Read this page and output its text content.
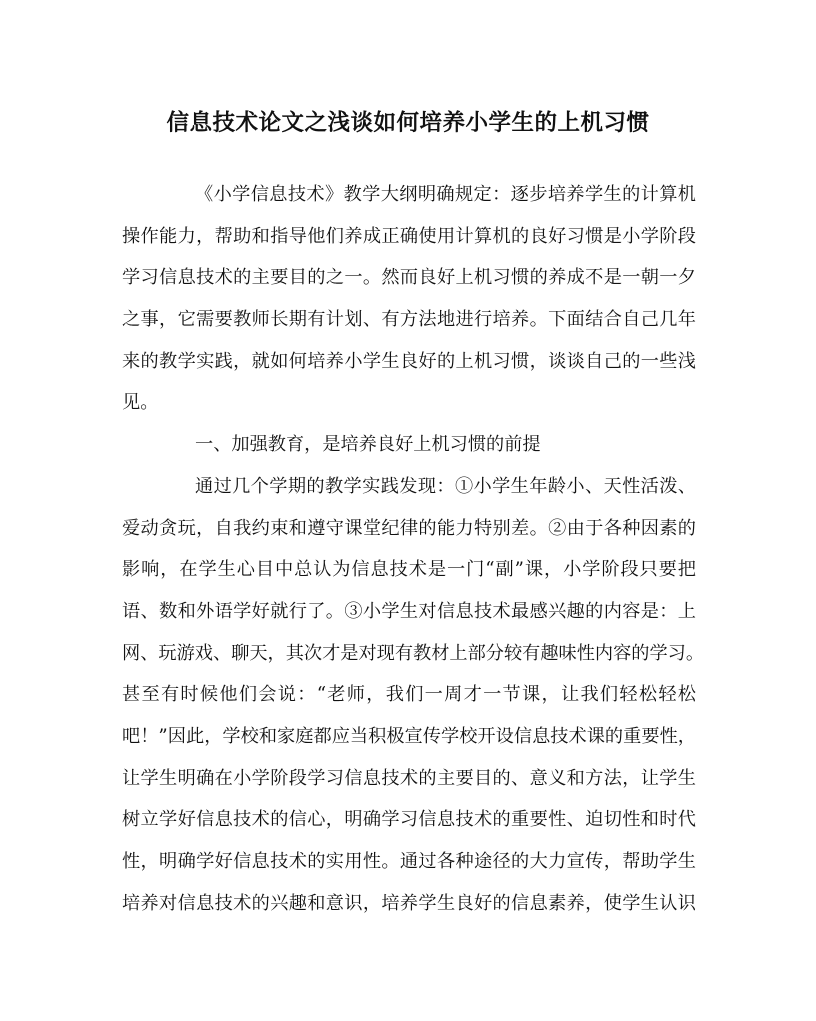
信息技术论文之浅谈如何培养小学生的上机习惯
《小学信息技术》教学大纲明确规定：逐步培养学生的计算机
操作能力，帮助和指导他们养成正确使用计算机的良好习惯是小学阶段
学习信息技术的主要目的之一。然而良好上机习惯的养成不是一朝一夕
之事，它需要教师长期有计划、有方法地进行培养。下面结合自己几年
来的教学实践，就如何培养小学生良好的上机习惯，谈谈自己的一些浅
见。
一、加强教育，是培养良好上机习惯的前提
通过几个学期的教学实践发现：①小学生年龄小、天性活泼、
爱动贪玩，自我约束和遵守课堂纪律的能力特别差。②由于各种因素的
影响，在学生心目中总认为信息技术是一门“副”课，小学阶段只要把
语、数和外语学好就行了。③小学生对信息技术最感兴趣的内容是：上
网、玩游戏、聊天，其次才是对现有教材上部分较有趣味性内容的学习。
甚至有时候他们会说：“老师，我们一周才一节课，让我们轻松轻松
吧！”因此，学校和家庭都应当积极宣传学校开设信息技术课的重要性，
让学生明确在小学阶段学习信息技术的主要目的、意义和方法，让学生
树立学好信息技术的信心，明确学习信息技术的重要性、迫切性和时代
性，明确学好信息技术的实用性。通过各种途径的大力宣传，帮助学生
培养对信息技术的兴趣和意识，培养学生良好的信息素养，使学生认识
